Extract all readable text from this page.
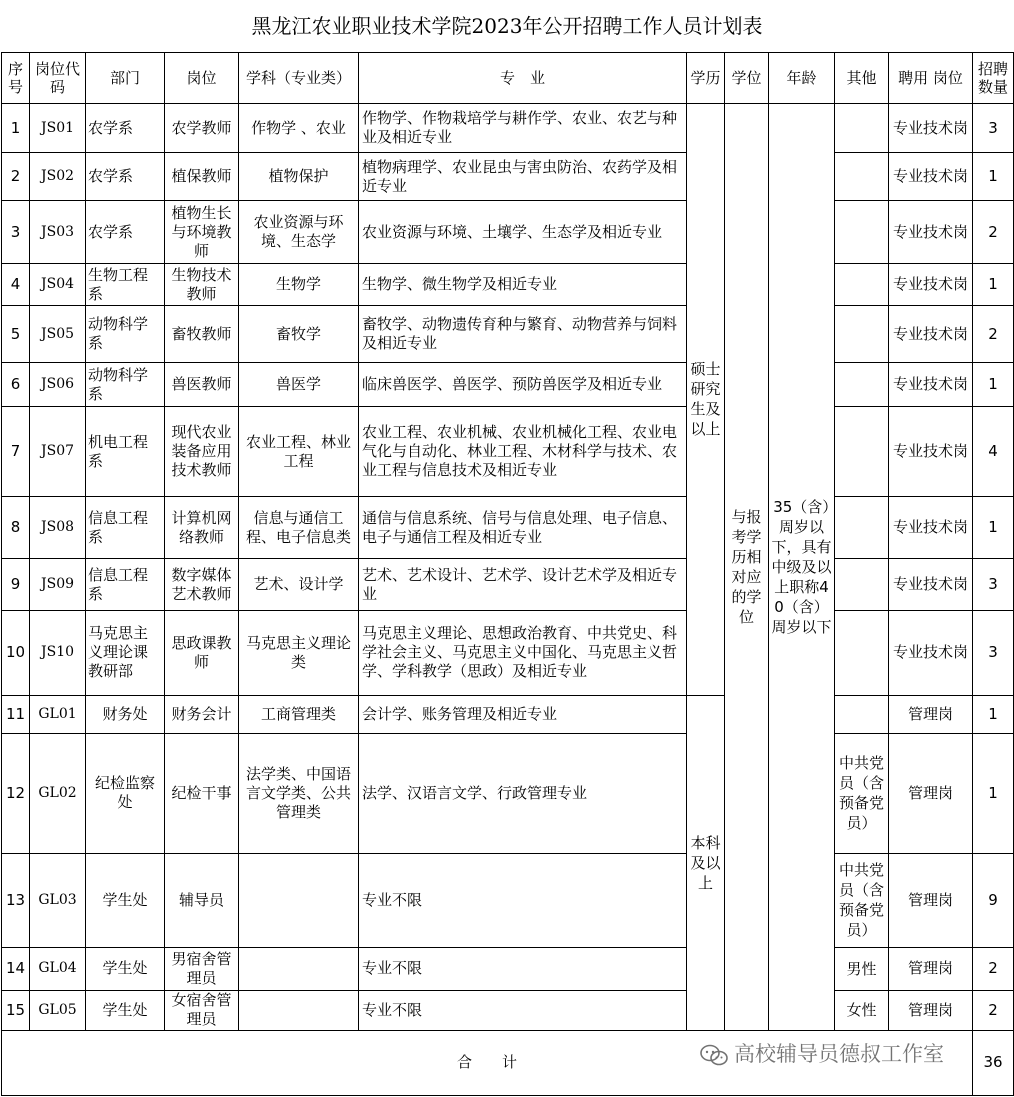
黑龙江农业职业技术学院2023年公开招聘工作人员计划表
序号	岗位代码	部门	岗位	学科（专业类）	专　业	学历	学位	年龄	其他	聘用 岗位	招聘数量
1	JS01	农学系	农学教师	作物学 、农业	作物学、作物栽培学与耕作学、农业、农艺与种业及相近专业	硕士研究生及以上	与报考学历相对应的学位	35（含）周岁以下，具有中级及以上职称40（含）周岁以下		专业技术岗	3
2	JS02	农学系	植保教师	植物保护	植物病理学、农业昆虫与害虫防治、农药学及相近专业					专业技术岗	1
3	JS03	农学系	植物生长与环境教师	农业资源与环境、生态学	农业资源与环境、土壤学、生态学及相近专业					专业技术岗	2
4	JS04	生物工程系	生物技术教师	生物学	生物学、微生物学及相近专业					专业技术岗	1
5	JS05	动物科学系	畜牧教师	畜牧学	畜牧学、动物遗传育种与繁育、动物营养与饲料及相近专业					专业技术岗	2
6	JS06	动物科学系	兽医教师	兽医学	临床兽医学、兽医学、预防兽医学及相近专业					专业技术岗	1
7	JS07	机电工程系	现代农业装备应用技术教师	农业工程、林业工程	农业工程、农业机械、农业机械化工程、农业电气化与自动化、林业工程、木材科学与技术、农业工程与信息技术及相近专业					专业技术岗	4
8	JS08	信息工程系	计算机网络教师	信息与通信工程、电子信息类	通信与信息系统、信号与信息处理、电子信息、电子与通信工程及相近专业					专业技术岗	1
9	JS09	信息工程系	数字媒体艺术教师	艺术、设计学	艺术、艺术设计、艺术学、设计艺术学及相近专业					专业技术岗	3
10	JS10	马克思主义理论课教研部	思政课教师	马克思主义理论类	马克思主义理论、思想政治教育、中共党史、科学社会主义、马克思主义中国化、马克思主义哲学、学科教学（思政）及相近专业					专业技术岗	3
11	GL01	财务处	财务会计	工商管理类	会计学、账务管理及相近专业	本科及以上				管理岗	1
12	GL02	纪检监察处	纪检干事	法学类、中国语言文学类、公共管理类	法学、汉语言文学、行政管理专业				中共党员（含预备党员）	管理岗	1
13	GL03	学生处	辅导员		专业不限				中共党员（含预备党员）	管理岗	9
14	GL04	学生处	男宿舍管理员		专业不限				男性	管理岗	2
15	GL05	学生处	女宿舍管理员		专业不限				女性	管理岗	2
合　　计											36
高校辅导员德叔工作室
